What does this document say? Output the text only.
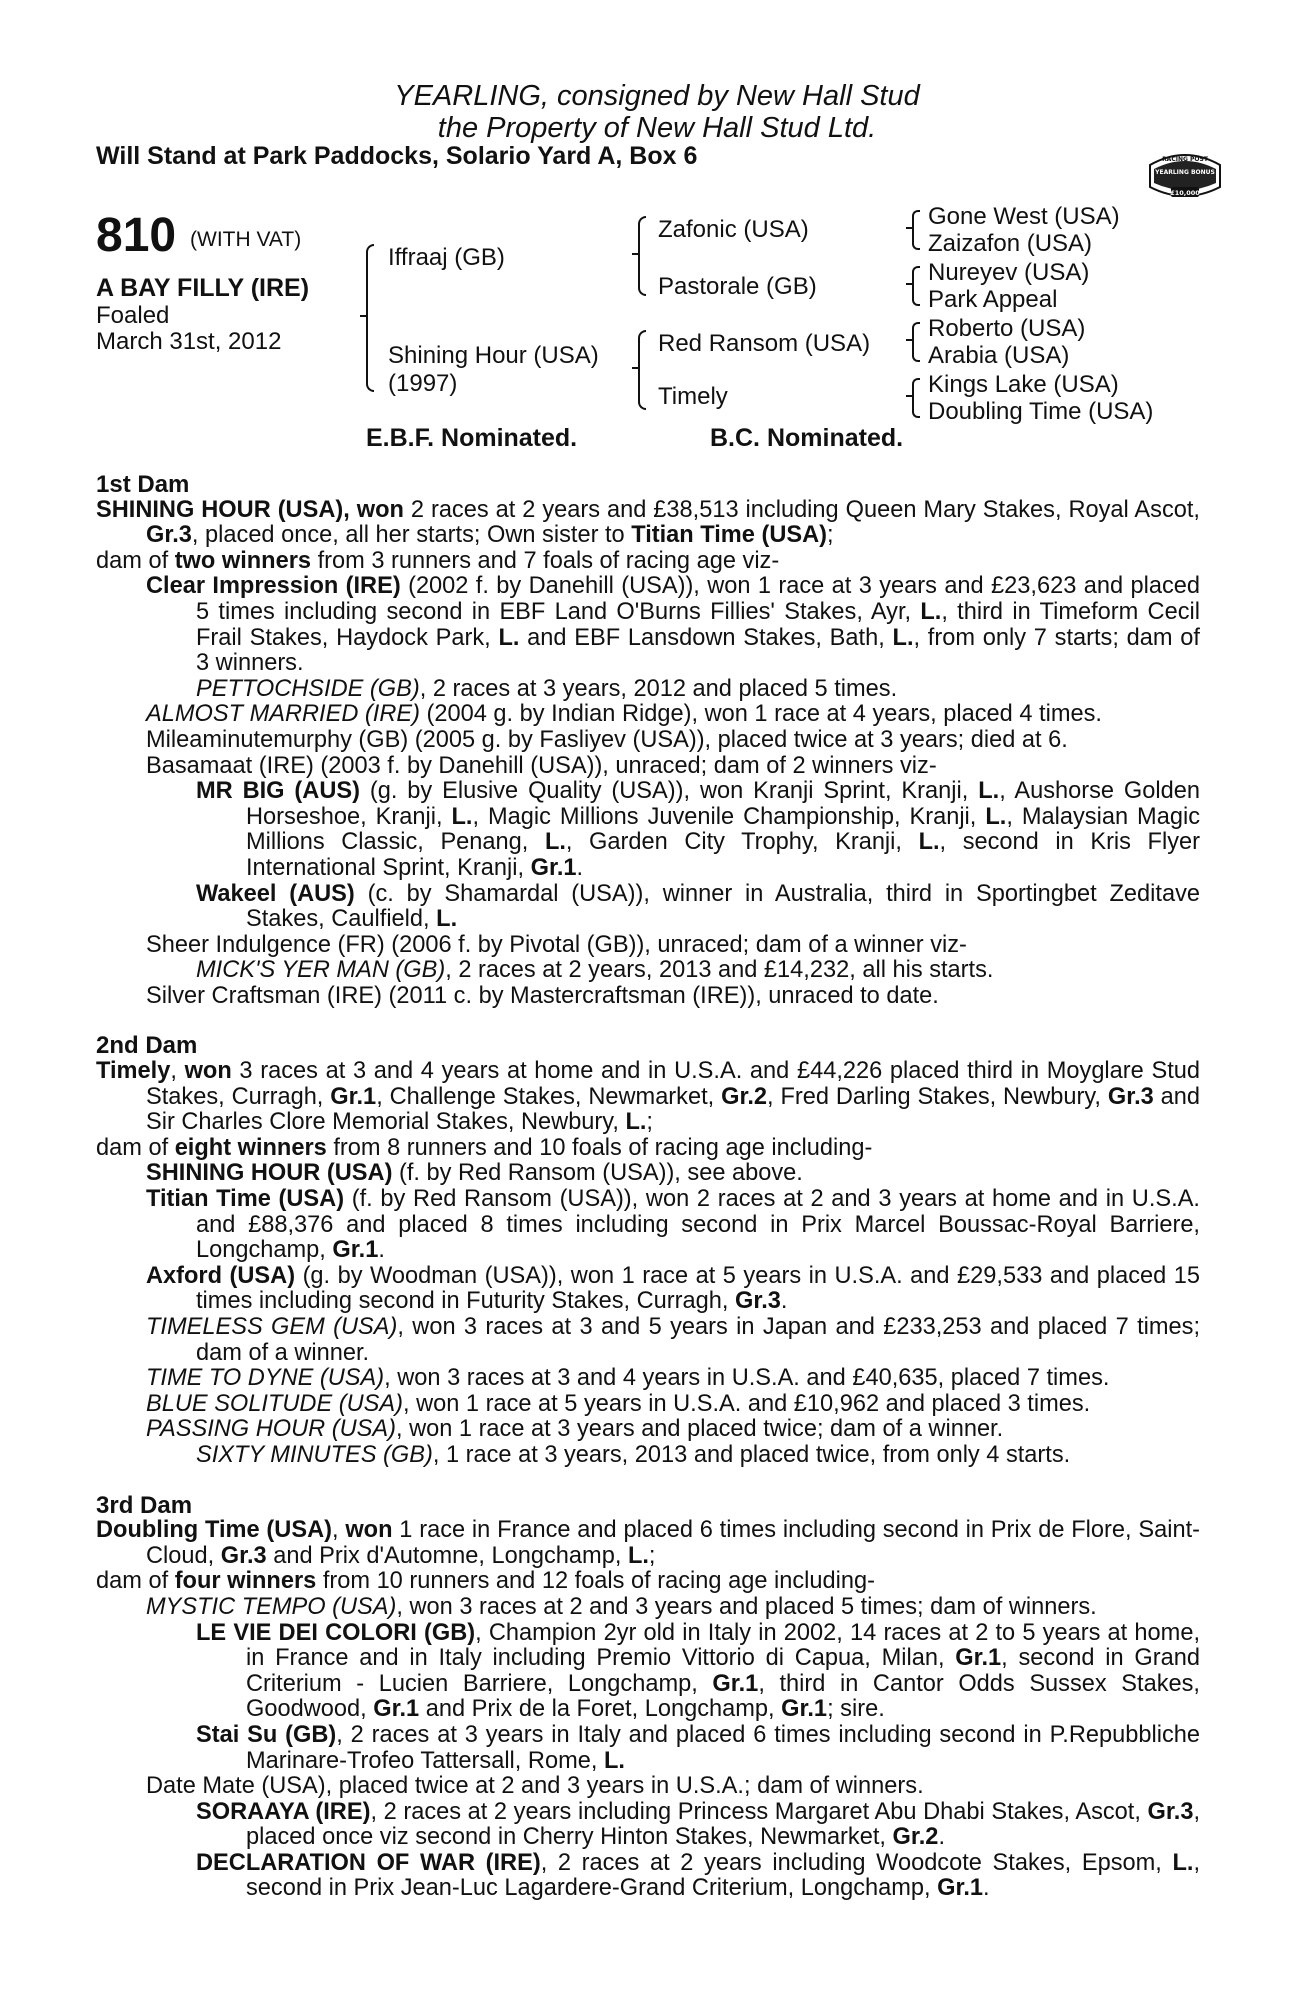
YEARLING, consigned by New Hall Stud
the Property of New Hall Stud Ltd.
Will Stand at Park Paddocks, Solario Yard A, Box 6	RACING POST
YEARLING BONUS
£10,000
810 (WITH VAT)
A BAY FILLY (IRE)
Foaled
March 31st, 2012
Iffraaj (GB)
Shining Hour (USA)
(1997)
Zafonic (USA)
Pastorale (GB)
Red Ransom (USA)
Timely
Gone West (USA)
Zaizafon (USA)
Nureyev (USA)
Park Appeal
Roberto (USA)
Arabia (USA)
Kings Lake (USA)
Doubling Time (USA)
E.B.F. Nominated.	B.C. Nominated.
1st Dam
SHINING HOUR (USA), won 2 races at 2 years and £38,513 including Queen Mary Stakes, Royal Ascot, Gr.3, placed once, all her starts; Own sister to Titian Time (USA);
dam of two winners from 3 runners and 7 foals of racing age viz-
Clear Impression (IRE) (2002 f. by Danehill (USA)), won 1 race at 3 years and £23,623 and placed 5 times including second in EBF Land O'Burns Fillies' Stakes, Ayr, L., third in Timeform Cecil Frail Stakes, Haydock Park, L. and EBF Lansdown Stakes, Bath, L., from only 7 starts; dam of 3 winners.
PETTOCHSIDE (GB), 2 races at 3 years, 2012 and placed 5 times.
ALMOST MARRIED (IRE) (2004 g. by Indian Ridge), won 1 race at 4 years, placed 4 times.
Mileaminutemurphy (GB) (2005 g. by Fasliyev (USA)), placed twice at 3 years; died at 6.
Basamaat (IRE) (2003 f. by Danehill (USA)), unraced; dam of 2 winners viz-
MR BIG (AUS) (g. by Elusive Quality (USA)), won Kranji Sprint, Kranji, L., Aushorse Golden Horseshoe, Kranji, L., Magic Millions Juvenile Championship, Kranji, L., Malaysian Magic Millions Classic, Penang, L., Garden City Trophy, Kranji, L., second in Kris Flyer International Sprint, Kranji, Gr.1.
Wakeel (AUS) (c. by Shamardal (USA)), winner in Australia, third in Sportingbet Zeditave Stakes, Caulfield, L.
Sheer Indulgence (FR) (2006 f. by Pivotal (GB)), unraced; dam of a winner viz-
MICK'S YER MAN (GB), 2 races at 2 years, 2013 and £14,232, all his starts.
Silver Craftsman (IRE) (2011 c. by Mastercraftsman (IRE)), unraced to date.
2nd Dam
Timely, won 3 races at 3 and 4 years at home and in U.S.A. and £44,226 placed third in Moyglare Stud Stakes, Curragh, Gr.1, Challenge Stakes, Newmarket, Gr.2, Fred Darling Stakes, Newbury, Gr.3 and Sir Charles Clore Memorial Stakes, Newbury, L.;
dam of eight winners from 8 runners and 10 foals of racing age including-
SHINING HOUR (USA) (f. by Red Ransom (USA)), see above.
Titian Time (USA) (f. by Red Ransom (USA)), won 2 races at 2 and 3 years at home and in U.S.A. and £88,376 and placed 8 times including second in Prix Marcel Boussac-Royal Barriere, Longchamp, Gr.1.
Axford (USA) (g. by Woodman (USA)), won 1 race at 5 years in U.S.A. and £29,533 and placed 15 times including second in Futurity Stakes, Curragh, Gr.3.
TIMELESS GEM (USA), won 3 races at 3 and 5 years in Japan and £233,253 and placed 7 times; dam of a winner.
TIME TO DYNE (USA), won 3 races at 3 and 4 years in U.S.A. and £40,635, placed 7 times.
BLUE SOLITUDE (USA), won 1 race at 5 years in U.S.A. and £10,962 and placed 3 times.
PASSING HOUR (USA), won 1 race at 3 years and placed twice; dam of a winner.
SIXTY MINUTES (GB), 1 race at 3 years, 2013 and placed twice, from only 4 starts.
3rd Dam
Doubling Time (USA), won 1 race in France and placed 6 times including second in Prix de Flore, Saint-Cloud, Gr.3 and Prix d'Automne, Longchamp, L.;
dam of four winners from 10 runners and 12 foals of racing age including-
MYSTIC TEMPO (USA), won 3 races at 2 and 3 years and placed 5 times; dam of winners.
LE VIE DEI COLORI (GB), Champion 2yr old in Italy in 2002, 14 races at 2 to 5 years at home, in France and in Italy including Premio Vittorio di Capua, Milan, Gr.1, second in Grand Criterium - Lucien Barriere, Longchamp, Gr.1, third in Cantor Odds Sussex Stakes, Goodwood, Gr.1 and Prix de la Foret, Longchamp, Gr.1; sire.
Stai Su (GB), 2 races at 3 years in Italy and placed 6 times including second in P.Repubbliche Marinare-Trofeo Tattersall, Rome, L.
Date Mate (USA), placed twice at 2 and 3 years in U.S.A.; dam of winners.
SORAAYA (IRE), 2 races at 2 years including Princess Margaret Abu Dhabi Stakes, Ascot, Gr.3, placed once viz second in Cherry Hinton Stakes, Newmarket, Gr.2.
DECLARATION OF WAR (IRE), 2 races at 2 years including Woodcote Stakes, Epsom, L., second in Prix Jean-Luc Lagardere-Grand Criterium, Longchamp, Gr.1.
